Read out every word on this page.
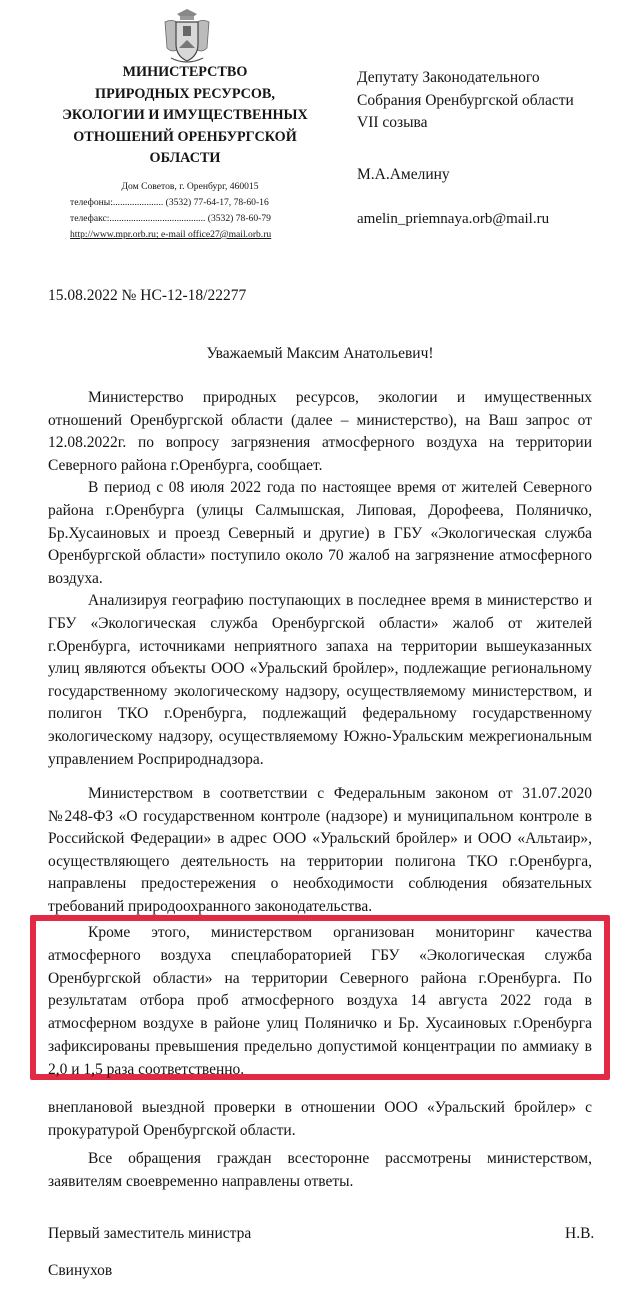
МИНИСТЕРСТВО
ПРИРОДНЫХ РЕСУРСОВ,
ЭКОЛОГИИ И ИМУЩЕСТВЕННЫХ
ОТНОШЕНИЙ ОРЕНБУРГСКОЙ
ОБЛАСТИ
Дом Советов, г. Оренбург, 460015
телефоны:..................... (3532) 77-64-17, 78-60-16
телефакс:........................................ (3532) 78-60-79
http://www.mpr.orb.ru; e-mail office27@mail.orb.ru
Депутату Законодательного
Собрания Оренбургской области
VII созыва
М.А.Амелину
amelin_priemnaya.orb@mail.ru
15.08.2022 № НС-12-18/22277
Уважаемый Максим Анатольевич!

Министерство природных ресурсов, экологии и имущественных отношений Оренбургской области (далее – министерство), на Ваш запрос от 12.08.2022г. по вопросу загрязнения атмосферного воздуха на территории Северного района г.Оренбурга, сообщает.

В период с 08 июля 2022 года по настоящее время от жителей Северного района г.Оренбурга (улицы Салмышская, Липовая, Дорофеева, Поляничко, Бр.Хусаиновых и проезд Северный и другие) в ГБУ «Экологическая служба Оренбургской области» поступило около 70 жалоб на загрязнение атмосферного воздуха.

Анализируя географию поступающих в последнее время в министерство и ГБУ «Экологическая служба Оренбургской области» жалоб от жителей г.Оренбурга, источниками неприятного запаха на территории вышеуказанных улиц являются объекты ООО «Уральский бройлер», подлежащие региональному государственному экологическому надзору, осуществляемому министерством, и полигон ТКО г.Оренбурга, подлежащий федеральному государственному экологическому надзору, осуществляемому Южно-Уральским межрегиональным управлением Росприроднадзора.

Министерством в соответствии с Федеральным законом от 31.07.2020 №248-ФЗ «О государственном контроле (надзоре) и муниципальном контроле в Российской Федерации» в адрес ООО «Уральский бройлер» и ООО «Альтаир», осуществляющего деятельность на территории полигона ТКО г.Оренбурга, направлены предостережения о необходимости соблюдения обязательных требований природоохранного законодательства.

Кроме этого, министерством организован мониторинг качества атмосферного воздуха спецлабораторией ГБУ «Экологическая служба Оренбургской области» на территории Северного района г.Оренбурга. По результатам отбора проб атмосферного воздуха 14 августа 2022 года в атмосферном воздухе в районе улиц Поляничко и Бр. Хусаиновых г.Оренбурга зафиксированы превышения предельно допустимой концентрации по аммиаку в 2,0 и 1,5 раза соответственно.

внеплановой выездной проверки в отношении ООО «Уральский бройлер» с прокуратурой Оренбургской области.

Все обращения граждан всесторонне рассмотрены министерством, заявителям своевременно направлены ответы.

Первый заместитель министра	Н.В.
Свинухов
